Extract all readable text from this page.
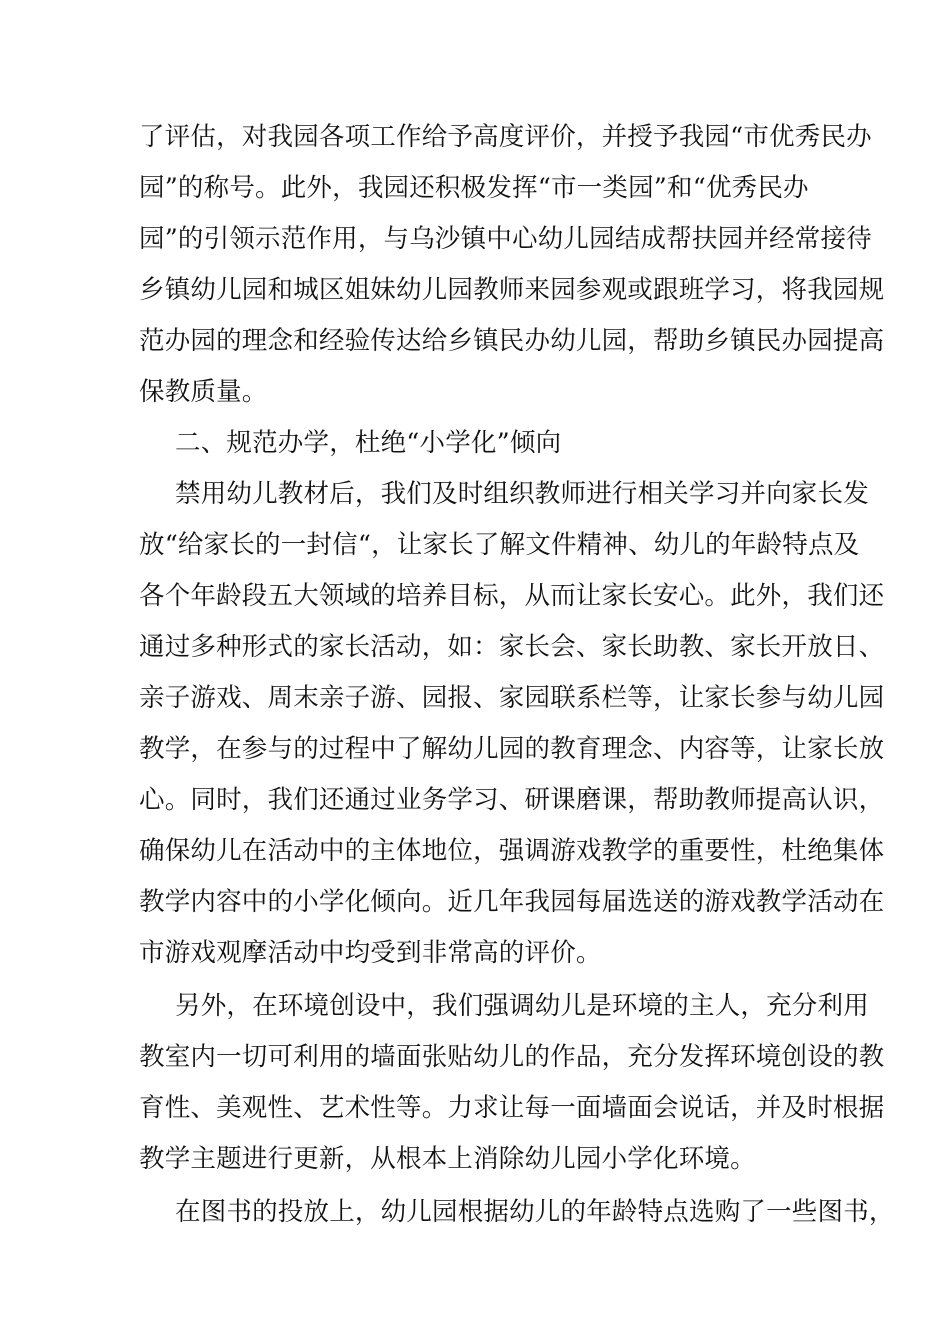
了评估，对我园各项工作给予高度评价，并授予我园“市优秀民办
园”的称号。此外，我园还积极发挥“市一类园”和“优秀民办
园”的引领示范作用，与乌沙镇中心幼儿园结成帮扶园并经常接待
乡镇幼儿园和城区姐妹幼儿园教师来园参观或跟班学习，将我园规
范办园的理念和经验传达给乡镇民办幼儿园，帮助乡镇民办园提高
保教质量。
二、规范办学，杜绝“小学化”倾向
禁用幼儿教材后，我们及时组织教师进行相关学习并向家长发
放“给家长的一封信“，让家长了解文件精神、幼儿的年龄特点及
各个年龄段五大领域的培养目标，从而让家长安心。此外，我们还
通过多种形式的家长活动，如：家长会、家长助教、家长开放日、
亲子游戏、周末亲子游、园报、家园联系栏等，让家长参与幼儿园
教学，在参与的过程中了解幼儿园的教育理念、内容等，让家长放
心。同时，我们还通过业务学习、研课磨课，帮助教师提高认识，
确保幼儿在活动中的主体地位，强调游戏教学的重要性，杜绝集体
教学内容中的小学化倾向。近几年我园每届选送的游戏教学活动在
市游戏观摩活动中均受到非常高的评价。
另外，在环境创设中，我们强调幼儿是环境的主人，充分利用
教室内一切可利用的墙面张贴幼儿的作品，充分发挥环境创设的教
育性、美观性、艺术性等。力求让每一面墙面会说话，并及时根据
教学主题进行更新，从根本上消除幼儿园小学化环境。
在图书的投放上，幼儿园根据幼儿的年龄特点选购了一些图书，
